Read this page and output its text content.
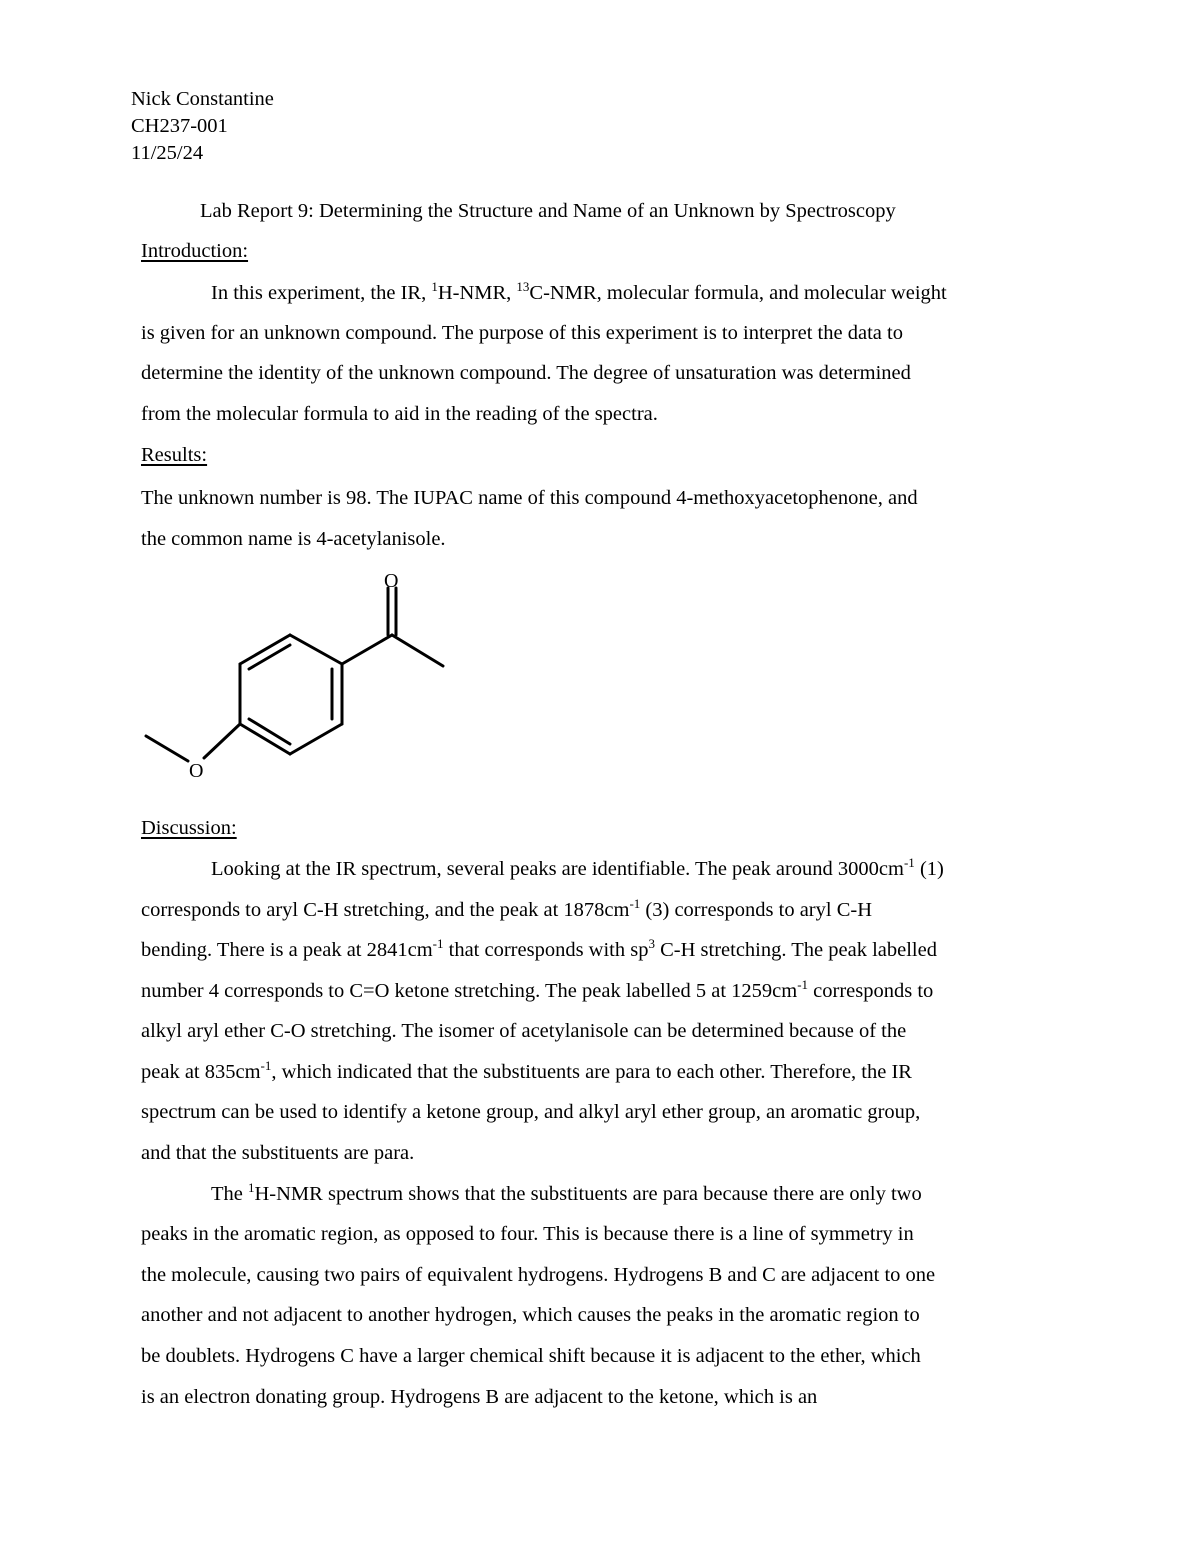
Nick Constantine
CH237-001
11/25/24
Lab Report 9: Determining the Structure and Name of an Unknown by Spectroscopy
Introduction:
In this experiment, the IR, $^1$H-NMR, $^{13}$C-NMR, molecular formula, and molecular weight
is given for an unknown compound. The purpose of this experiment is to interpret the data to
determine the identity of the unknown compound. The degree of unsaturation was determined
from the molecular formula to aid in the reading of the spectra.
Results:
The unknown number is 98. The IUPAC name of this compound 4-methoxyacetophenone, and
the common name is 4-acetylanisole.
O
O
Discussion:
Looking at the IR spectrum, several peaks are identifiable. The peak around $3000cm^{-1}$ (1)
corresponds to aryl C-H stretching, and the peak at $1878cm^{-1}$ (3) corresponds to aryl C-H
bending. There is a peak at $2841cm^{-1}$ that corresponds with $sp^3$ C-H stretching. The peak labelled
number 4 corresponds to C=O ketone stretching. The peak labelled 5 at $1259cm^{-1}$ corresponds to
alkyl aryl ether C-O stretching. The isomer of acetylanisole can be determined because of the
peak at $835cm^{-1}$, which indicated that the substituents are para to each other. Therefore, the IR
spectrum can be used to identify a ketone group, and alkyl aryl ether group, an aromatic group,
and that the substituents are para.
The $^1$H-NMR spectrum shows that the substituents are para because there are only two
peaks in the aromatic region, as opposed to four. This is because there is a line of symmetry in
the molecule, causing two pairs of equivalent hydrogens. Hydrogens B and C are adjacent to one
another and not adjacent to another hydrogen, which causes the peaks in the aromatic region to
be doublets. Hydrogens C have a larger chemical shift because it is adjacent to the ether, which
is an electron donating group. Hydrogens B are adjacent to the ketone, which is an
